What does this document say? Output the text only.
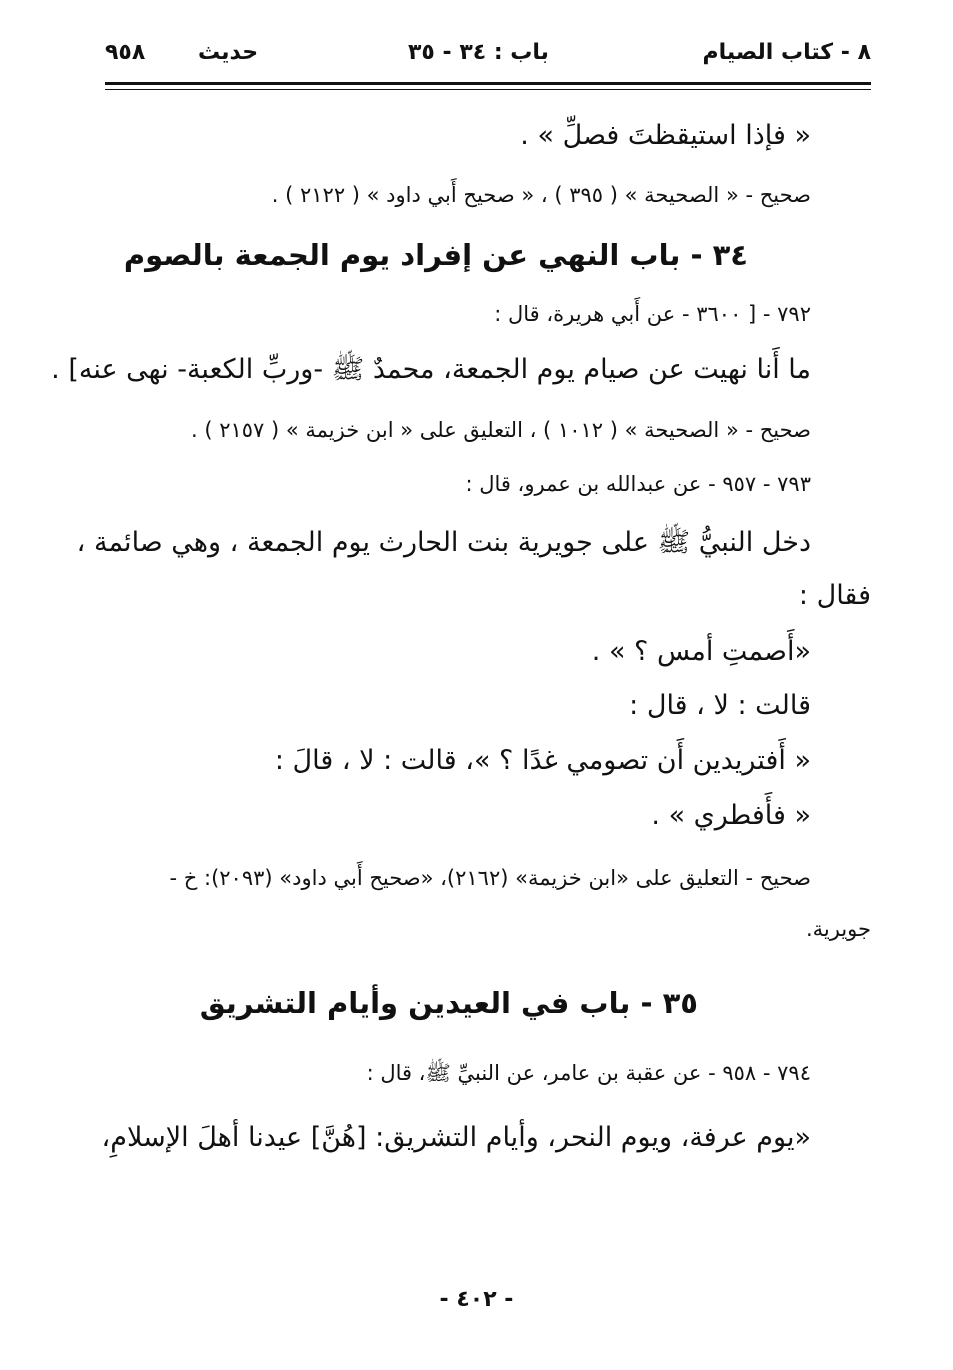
٨ - كتاب الصيام
باب : ٣٤ - ٣٥
حديث
٩٥٨
« فإذا استيقظتَ فصلِّ » .
صحيح - « الصحيحة » ( ٣٩٥ ) ، « صحيح أَبي داود » ( ٢١٢٢ ) .
٣٤ - باب النهي عن إفراد يوم الجمعة بالصوم
٧٩٢ - [ ٣٦٠٠ - عن أَبي هريرة، قال :
ما أَنا نهيت عن صيام يوم الجمعة، محمدٌ ﷺ -وربِّ الكعبة- نهى عنه] .
صحيح - « الصحيحة » ( ١٠١٢ ) ، التعليق على « ابن خزيمة » ( ٢١٥٧ ) .
٧٩٣ - ٩٥٧ - عن عبدالله بن عمرو، قال :
دخل النبيُّ ﷺ على جويرية بنت الحارث يوم الجمعة ، وهي صائمة ،
فقال :
«أَصمتِ أمس ؟ » .
قالت : لا ، قال :
« أَفتريدين أَن تصومي غدًا ؟ »، قالت : لا ، قالَ :
« فأَفطري » .
صحيح - التعليق على «ابن خزيمة» (٢١٦٢)، «صحيح أَبي داود» (٢٠٩٣): خ -
جويرية.
٣٥ - باب في العيدين وأيام التشريق
٧٩٤ - ٩٥٨ - عن عقبة بن عامر، عن النبيِّ ﷺ، قال :
«يوم عرفة، ويوم النحر، وأيام التشريق: [هُنَّ] عيدنا أهلَ الإسلامِ،
- ٤٠٢ -
